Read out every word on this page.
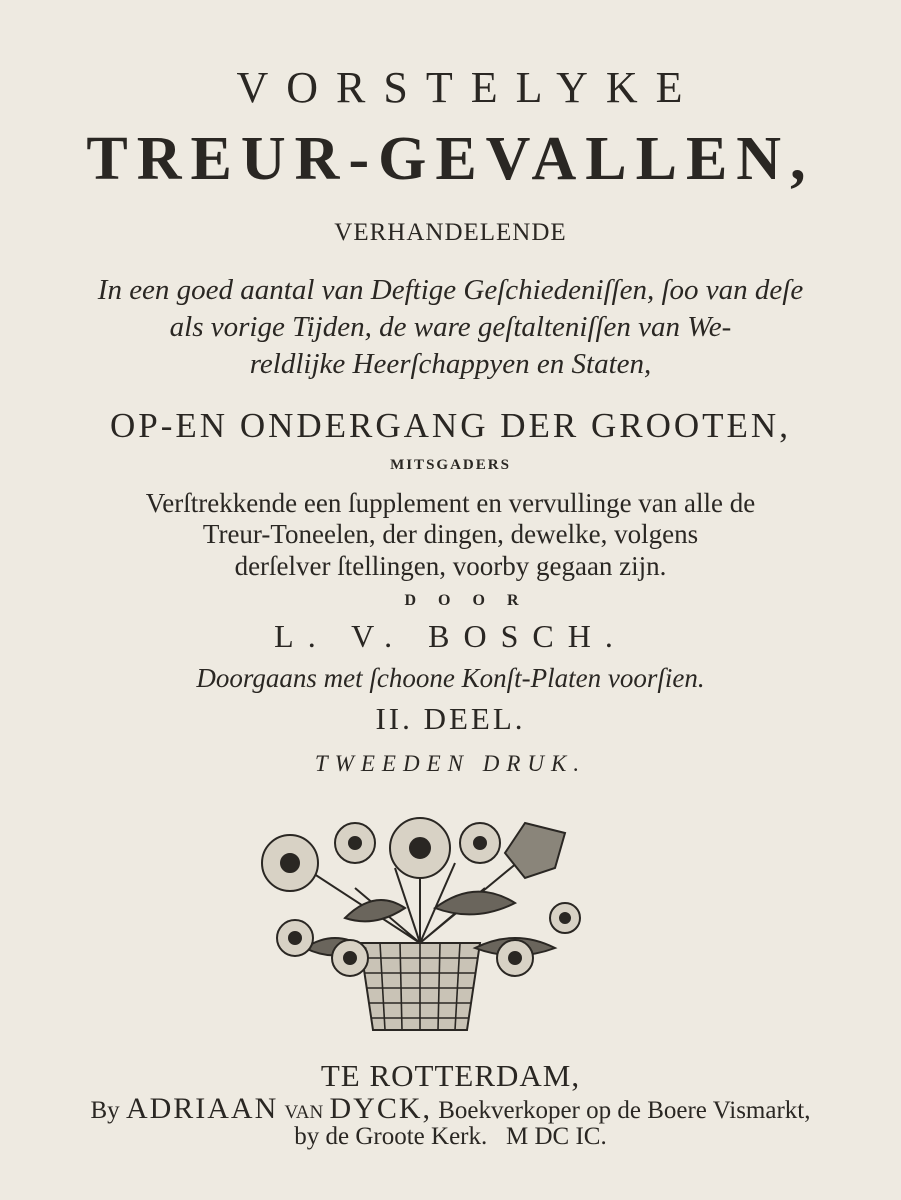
VORSTELYKE
TREUR-GEVALLEN,
VERHANDELENDE
In een goed aantal van Deftige Geſchiedeniſſen, ſoo van deſe
als vorige Tijden, de ware geſtalteniſſen van We-
reldlijke Heerſchappyen en Staten,
OP-EN ONDERGANG DER GROOTEN,
MITSGADERS
Verſtrekkende een ſupplement en vervullinge van alle de
Treur-Toneelen, der dingen, dewelke, volgens
derſelver ſtellingen, voorby gegaan zijn.
DOOR
L. V. BOSCH.
Doorgaans met ſchoone Konſt-Platen voorſien.
II. DEEL.
TWEEDEN DRUK.
TE ROTTERDAM,
By ADRIAAN VAN DYCK, Boekverkoper op de Boere Vismarkt,
by de Groote Kerk. M DC IC.
